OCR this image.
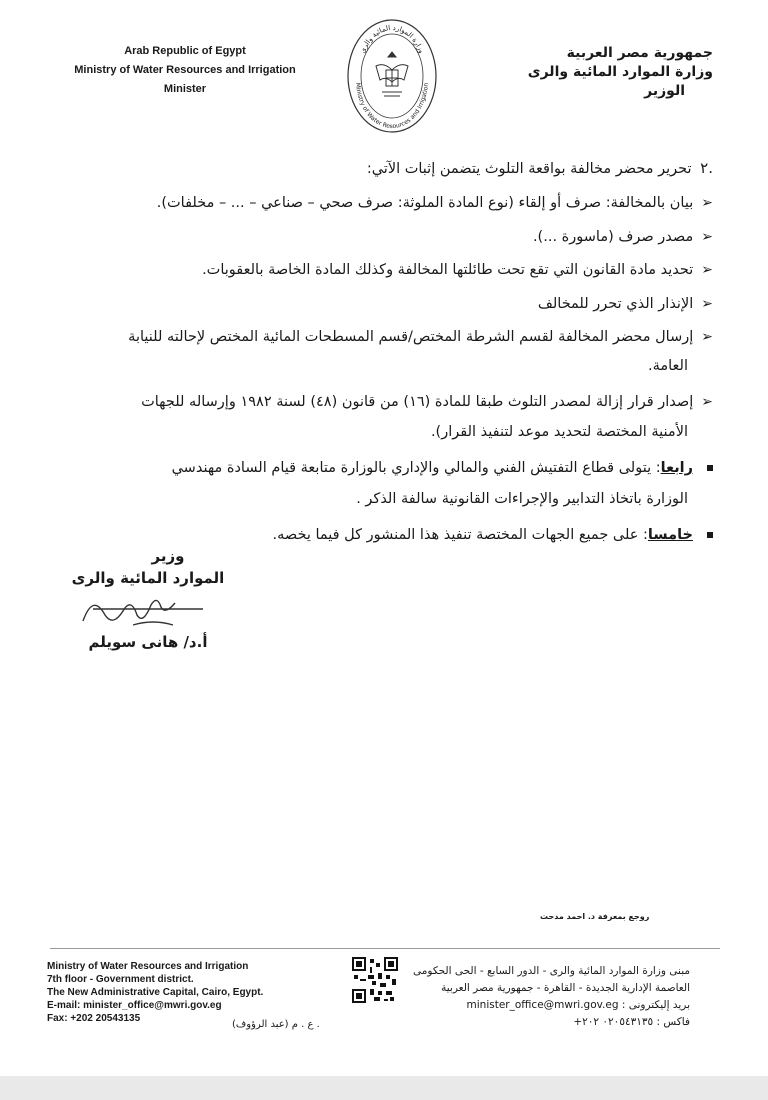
Arab Republic of Egypt
Ministry of Water Resources and Irrigation
Minister
وزارة الموارد المائية والري
Ministry of Water Resources and Irrigation
جمهورية مصر العربية
وزارة الموارد المائية والرى
الوزير
.٢ تحرير محضر مخالفة بواقعة التلوث يتضمن إثبات الآتي:
➢بيان بالمخالفة: صرف أو إلقاء (نوع المادة الملوثة: صرف صحي – صناعي – ... – مخلفات).
➢مصدر صرف (ماسورة ...).
➢تحديد مادة القانون التي تقع تحت طائلتها المخالفة وكذلك المادة الخاصة بالعقوبات.
➢الإنذار الذي تحرر للمخالف
➢إرسال محضر المخالفة لقسم الشرطة المختص/قسم المسطحات المائية المختص لإحالته للنيابة
العامة.
➢إصدار قرار إزالة لمصدر التلوث طبقا للمادة (١٦) من قانون (٤٨) لسنة ١٩٨٢ وإرساله للجهات
الأمنية المختصة لتحديد موعد لتنفيذ القرار).
رابعا: يتولى قطاع التفتيش الفني والمالي والإداري بالوزارة متابعة قيام السادة مهندسي
الوزارة باتخاذ التدابير والإجراءات القانونية سالفة الذكر .
خامسا: على جميع الجهات المختصة تنفيذ هذا المنشور كل فيما يخصه.
وزير
الموارد المائية والرى
أ.د/ هانى سويلم
روجع بمعرفة د. احمد مدحت
Ministry of Water Resources and Irrigation
7th floor - Government district.
The New Administrative Capital, Cairo, Egypt.
E-mail: minister_office@mwri.gov.eg
Fax: +202 20543135
مبنى وزارة الموارد المائية والرى - الدور السابع - الحى الحكومى
العاصمة الإدارية الجديدة - القاهرة - جمهورية مصر العربية
بريد إليكترونى : minister_office@mwri.gov.eg
فاكس : ٠٢٠٥٤٣١٣٥ ٢٠٢+
. ع . م (عبد الرؤوف)
